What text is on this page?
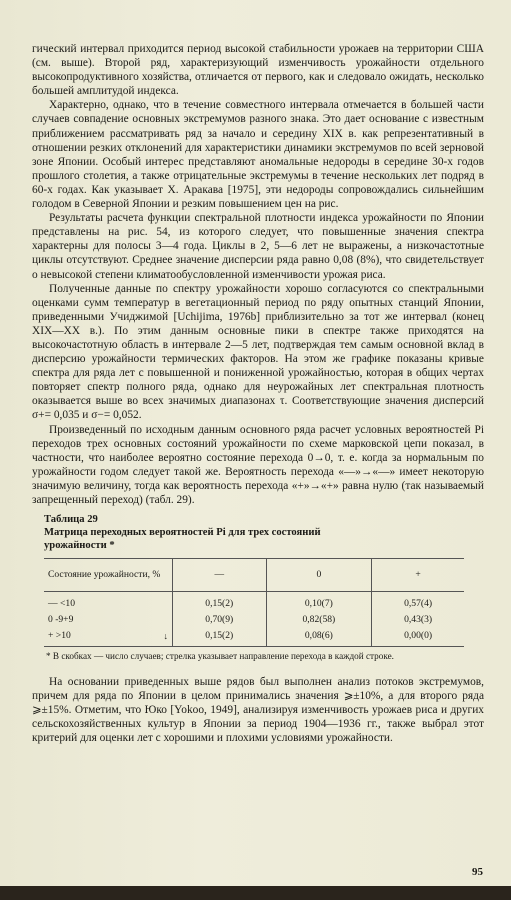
гический интервал приходится период высокой стабильности урожаев на территории США (см. выше). Второй ряд, характеризующий изменчивость урожайности отдельного высокопродуктивного хозяйства, отличается от первого, как и следовало ожидать, несколько большей амплитудой индекса.

Характерно, однако, что в течение совместного интервала отмечается в большей части случаев совпадение основных экстремумов разного знака. Это дает основание с известным приближением рассматривать ряд за начало и середину XIX в. как репрезентативный в отношении резких отклонений для характеристики динамики экстремумов по всей зерновой зоне Японии. Особый интерес представляют аномальные недороды в середине 30-х годов прошлого столетия, а также отрицательные экстремумы в течение нескольких лет подряд в 60-х годах. Как указывает Х. Аракава [1975], эти недороды сопровождались сильнейшим голодом в Северной Японии и резким повышением цен на рис.

Результаты расчета функции спектральной плотности индекса урожайности по Японии представлены на рис. 54, из которого следует, что повышенные значения спектра характерны для полосы 3—4 года. Циклы в 2, 5—6 лет не выражены, а низкочастотные циклы отсутствуют. Среднее значение дисперсии ряда равно 0,08 (8%), что свидетельствует о невысокой степени климатообусловленной изменчивости урожая риса.

Полученные данные по спектру урожайности хорошо согласуются со спектральными оценками сумм температур в вегетационный период по ряду опытных станций Японии, приведенными Учиджимой [Uchijima, 1976b] приблизительно за тот же интервал (конец XIX—XX в.). По этим данным основные пики в спектре также приходятся на высокочастотную область в интервале 2—5 лет, подтверждая тем самым основной вклад в дисперсию урожайности термических факторов. На этом же графике показаны кривые спектра для ряда лет с повышенной и пониженной урожайностью, которая в общих чертах повторяет спектр полного ряда, однако для неурожайных лет спектральная плотность оказывается выше во всех значимых диапазонах τ. Соответствующие значения дисперсий σ+= 0,035 и σ−= 0,052.

Произведенный по исходным данным основного ряда расчет условных вероятностей Pi переходов трех основных состояний урожайности по схеме марковской цепи показал, в частности, что наиболее вероятно состояние перехода 0→0, т. е. когда за нормальным по урожайности годом следует такой же. Вероятность перехода «—»→«—» имеет некоторую значимую величину, тогда как вероятность перехода «+»→«+» равна нулю (так называемый запрещенный переход) (табл. 29).

Таблица 29
Матрица переходных вероятностей Pi для трех состояний урожайности *
Состояние урожайности, %	—	0	+
— <10	0,15(2)	0,10(7)	0,57(4)
0 -9+9	0,70(9)	0,82(58)	0,43(3)
+ >10 ↓	0,15(2)	0,08(6)	0,00(0)
* В скобках — число случаев; стрелка указывает направление перехода в каждой строке.

На основании приведенных выше рядов был выполнен анализ потоков экстремумов, причем для ряда по Японии в целом принимались значения ⩾±10%, а для второго ряда ⩾±15%. Отметим, что Юко [Yokoo, 1949], анализируя изменчивость урожаев риса и других сельскохозяйственных культур в Японии за период 1904—1936 гг., также выбрал этот критерий для оценки лет с хорошими и плохими условиями урожайности.

95
